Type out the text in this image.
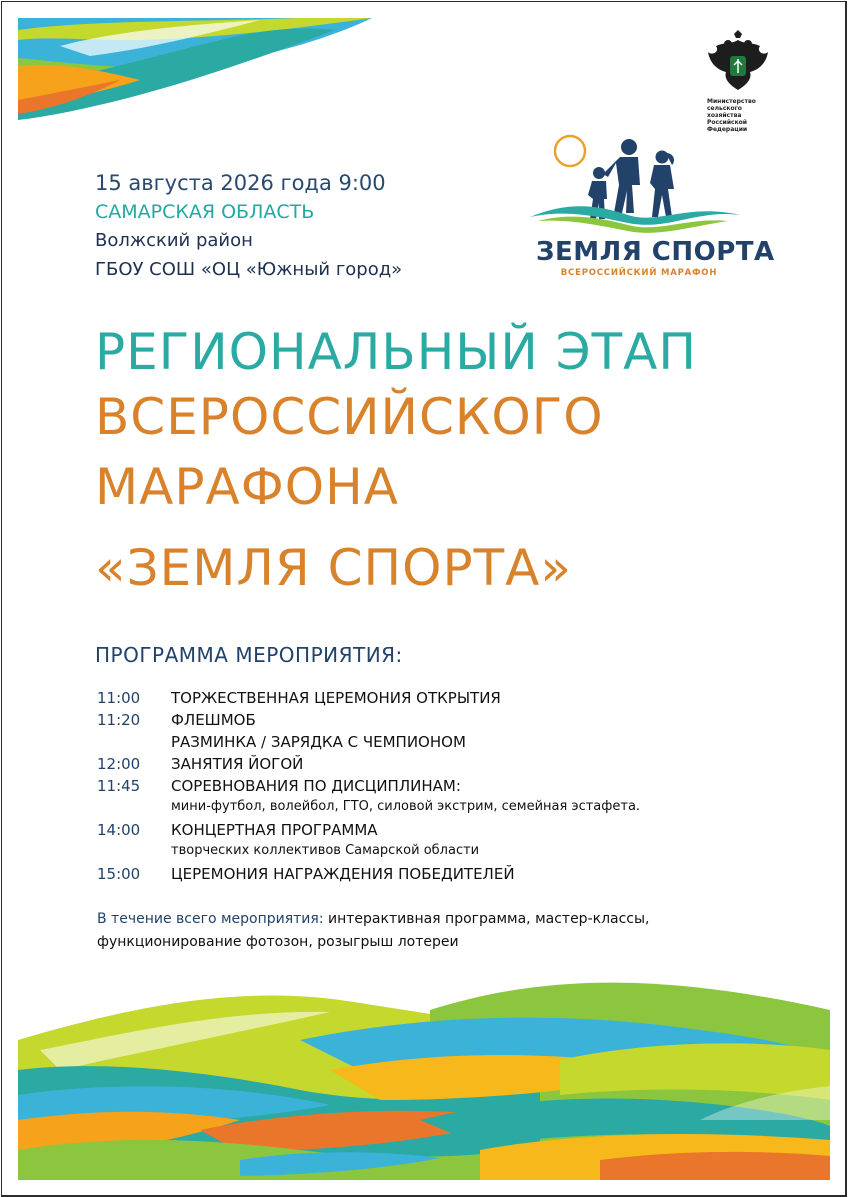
Министерство сельского хозяйства Российской Федерации
ЗЕМЛЯ СПОРТА
ВСЕРОССИЙСКИЙ МАРАФОН
15 августа 2026 года 9:00
САМАРСКАЯ ОБЛАСТЬ
Волжский район
ГБОУ СОШ «ОЦ «Южный город»
РЕГИОНАЛЬНЫЙ ЭТАП
ВСЕРОССИЙСКОГО
МАРАФОНА
«ЗЕМЛЯ СПОРТА»
ПРОГРАММА МЕРОПРИЯТИЯ:
11:00	ТОРЖЕСТВЕННАЯ ЦЕРЕМОНИЯ ОТКРЫТИЯ
11:20	ФЛЕШМОБ
РАЗМИНКА / ЗАРЯДКА С ЧЕМПИОНОМ
12:00	ЗАНЯТИЯ ЙОГОЙ
11:45	СОРЕВНОВАНИЯ ПО ДИСЦИПЛИНАМ:
мини-футбол, волейбол, ГТО, силовой экстрим, семейная эстафета.
14:00	КОНЦЕРТНАЯ ПРОГРАММА
творческих коллективов Самарской области
15:00	ЦЕРЕМОНИЯ НАГРАЖДЕНИЯ ПОБЕДИТЕЛЕЙ
В течение всего мероприятия: интерактивная программа, мастер-классы, функционирование фотозон, розыгрыш лотереи
